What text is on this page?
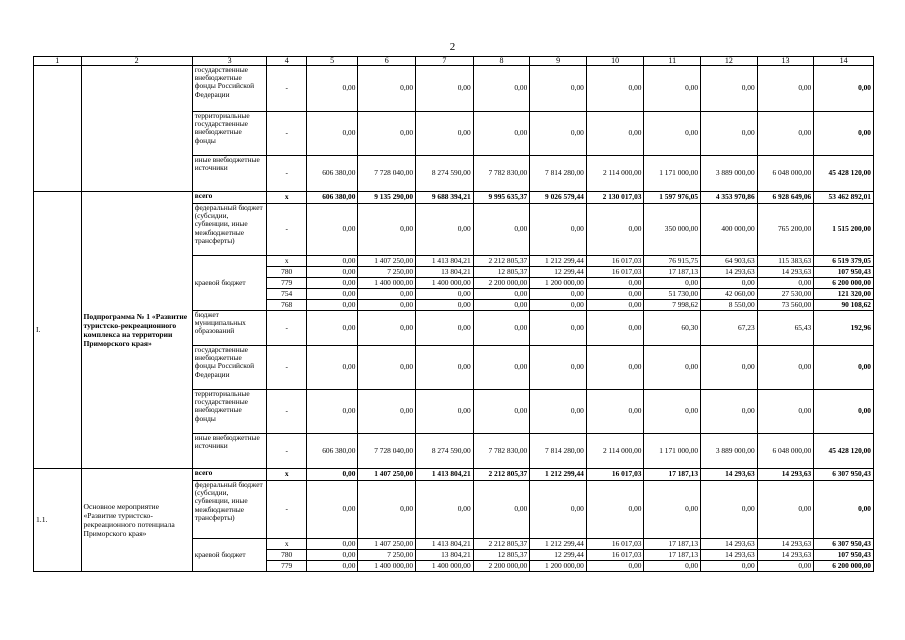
2
1	2	3	4	5	6	7	8	9	10	11	12	13	14
		государственные внебюджетные фонды Российской Федерации	-	0,00	0,00	0,00	0,00	0,00	0,00	0,00	0,00	0,00	0,00
		территориальные государственные внебюджетные фонды	-	0,00	0,00	0,00	0,00	0,00	0,00	0,00	0,00	0,00	0,00
		иные внебюджетные источники	-	606 380,00	7 728 040,00	8 274 590,00	7 782 830,00	7 814 280,00	2 114 000,00	1 171 000,00	3 889 000,00	6 048 000,00	45 428 120,00
I.	Подпрограмма № 1 «Развитие туристско-рекреационного комплекса на территории Приморского края»	всего	х	606 380,00	9 135 290,00	9 688 394,21	9 995 635,37	9 026 579,44	2 130 017,03	1 597 976,05	4 353 970,86	6 928 649,06	53 462 892,01
		федеральный бюджет (субсидии, субвенции, иные межбюджетные трансферты)	-	0,00	0,00	0,00	0,00	0,00	0,00	350 000,00	400 000,00	765 200,00	1 515 200,00
		краевой бюджет	х	0,00	1 407 250,00	1 413 804,21	2 212 805,37	1 212 299,44	16 017,03	76 915,75	64 903,63	115 383,63	6 519 379,05
			780	0,00	7 250,00	13 804,21	12 805,37	12 299,44	16 017,03	17 187,13	14 293,63	14 293,63	107 950,43
			779	0,00	1 400 000,00	1 400 000,00	2 200 000,00	1 200 000,00	0,00	0,00	0,00	0,00	6 200 000,00
			754	0,00	0,00	0,00	0,00	0,00	0,00	51 730,00	42 060,00	27 530,00	121 320,00
			768	0,00	0,00	0,00	0,00	0,00	0,00	7 998,62	8 550,00	73 560,00	90 108,62
		бюджет муниципальных образований	-	0,00	0,00	0,00	0,00	0,00	0,00	60,30	67,23	65,43	192,96
		государственные внебюджетные фонды Российской Федерации	-	0,00	0,00	0,00	0,00	0,00	0,00	0,00	0,00	0,00	0,00
		территориальные государственные внебюджетные фонды	-	0,00	0,00	0,00	0,00	0,00	0,00	0,00	0,00	0,00	0,00
		иные внебюджетные источники	-	606 380,00	7 728 040,00	8 274 590,00	7 782 830,00	7 814 280,00	2 114 000,00	1 171 000,00	3 889 000,00	6 048 000,00	45 428 120,00
1.1.	Основное мероприятие «Развитие туристско-рекреационного потенциала Приморского края»	всего	х	0,00	1 407 250,00	1 413 804,21	2 212 805,37	1 212 299,44	16 017,03	17 187,13	14 293,63	14 293,63	6 307 950,43
		федеральный бюджет (субсидии, субвенции, иные межбюджетные трансферты)	-	0,00	0,00	0,00	0,00	0,00	0,00	0,00	0,00	0,00	0,00
		краевой бюджет	х	0,00	1 407 250,00	1 413 804,21	2 212 805,37	1 212 299,44	16 017,03	17 187,13	14 293,63	14 293,63	6 307 950,43
			780	0,00	7 250,00	13 804,21	12 805,37	12 299,44	16 017,03	17 187,13	14 293,63	14 293,63	107 950,43
			779	0,00	1 400 000,00	1 400 000,00	2 200 000,00	1 200 000,00	0,00	0,00	0,00	0,00	6 200 000,00
